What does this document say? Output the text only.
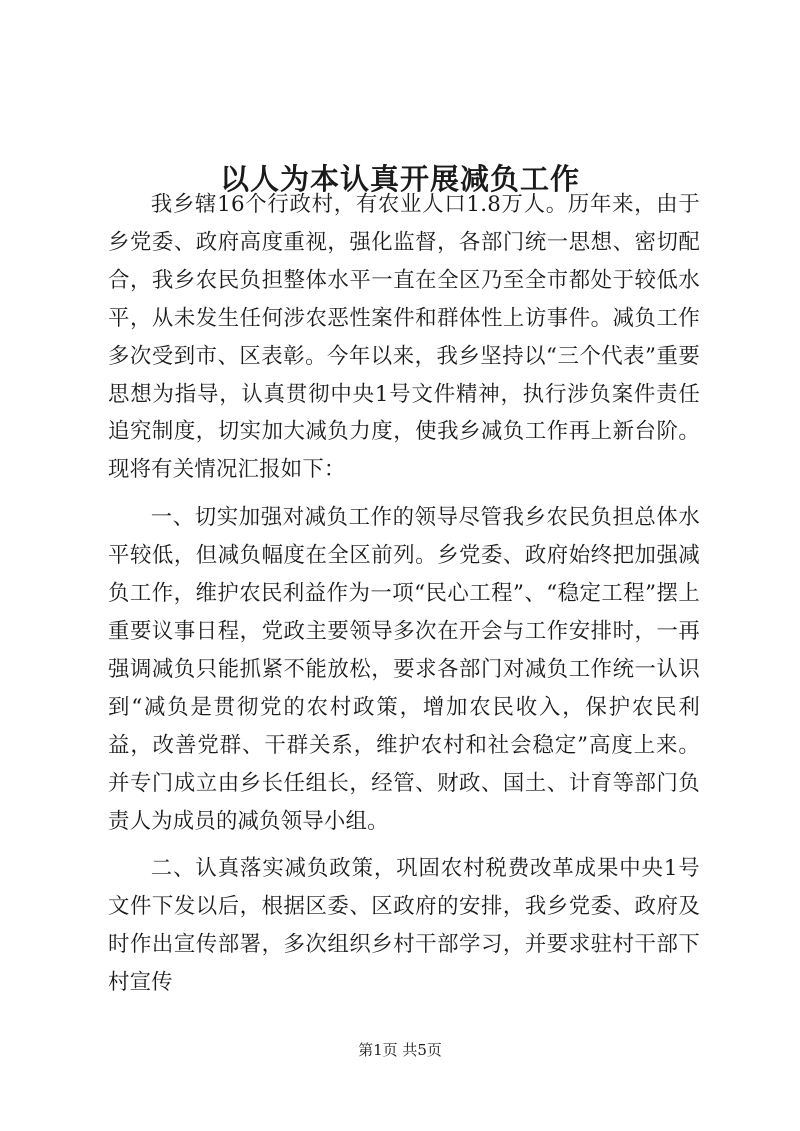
以人为本认真开展减负工作

我乡辖16个行政村，有农业人口1.8万人。历年来，由于乡党委、政府高度重视，强化监督，各部门统一思想、密切配合，我乡农民负担整体水平一直在全区乃至全市都处于较低水平，从未发生任何涉农恶性案件和群体性上访事件。减负工作多次受到市、区表彰。今年以来，我乡坚持以“三个代表”重要思想为指导，认真贯彻中央1号文件精神，执行涉负案件责任追究制度，切实加大减负力度，使我乡减负工作再上新台阶。现将有关情况汇报如下：

一、切实加强对减负工作的领导尽管我乡农民负担总体水平较低，但减负幅度在全区前列。乡党委、政府始终把加强减负工作，维护农民利益作为一项“民心工程”、“稳定工程”摆上重要议事日程，党政主要领导多次在开会与工作安排时，一再强调减负只能抓紧不能放松，要求各部门对减负工作统一认识到“减负是贯彻党的农村政策，增加农民收入，保护农民利益，改善党群、干群关系，维护农村和社会稳定”高度上来。并专门成立由乡长任组长，经管、财政、国土、计育等部门负责人为成员的减负领导小组。

二、认真落实减负政策，巩固农村税费改革成果中央1号文件下发以后，根据区委、区政府的安排，我乡党委、政府及时作出宣传部署，多次组织乡村干部学习，并要求驻村干部下村宣传

第1页 共5页
